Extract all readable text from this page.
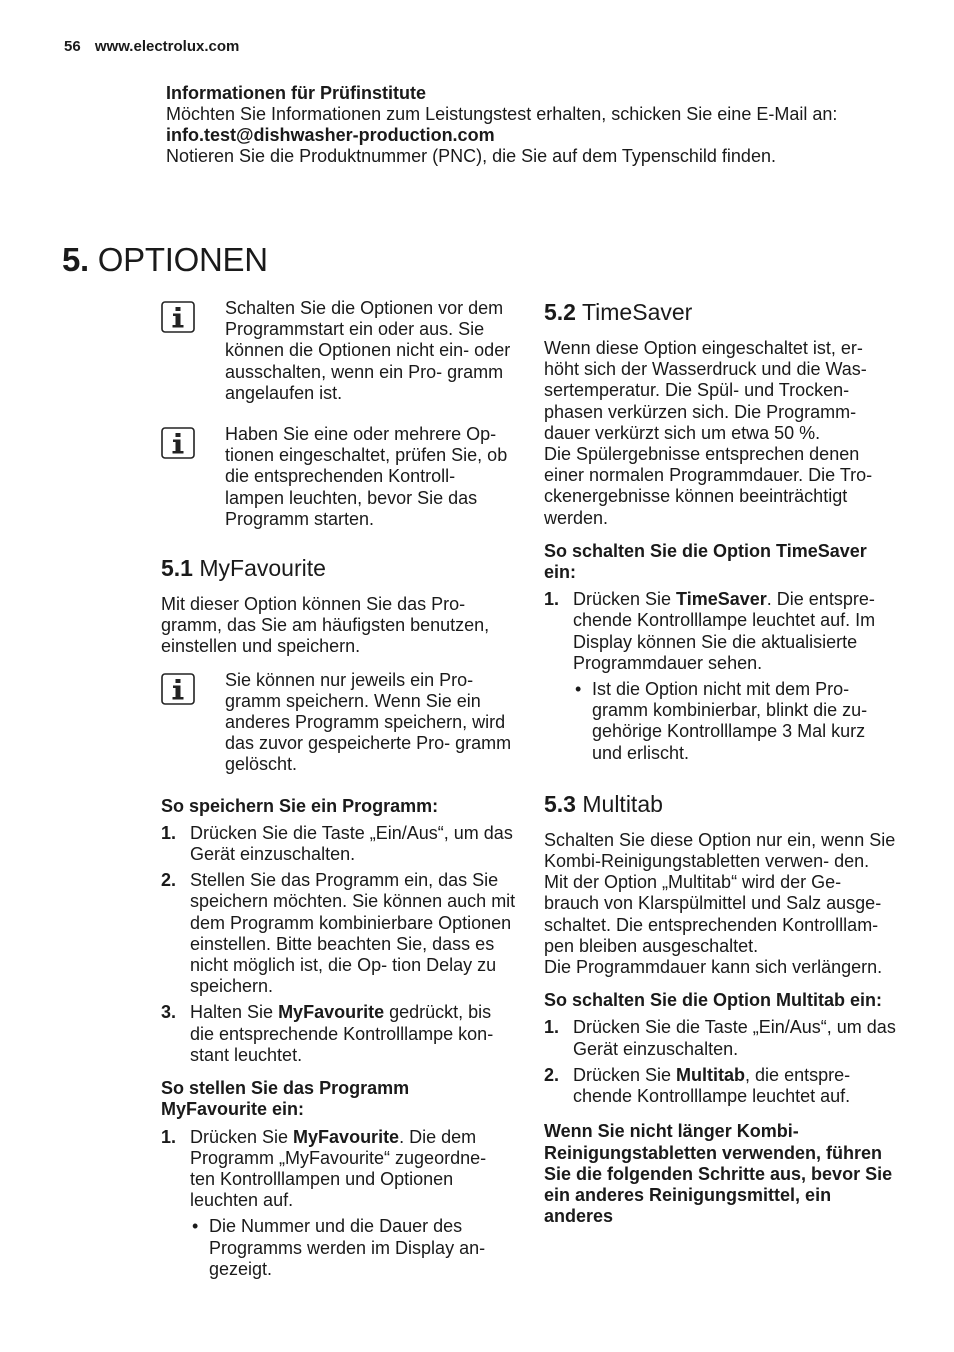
56 www.electrolux.com
Informationen für Prüfinstitute
Möchten Sie Informationen zum Leistungstest erhalten, schicken Sie eine E-Mail an:
info.test@dishwasher-production.com
Notieren Sie die Produktnummer (PNC), die Sie auf dem Typenschild finden.
5. OPTIONEN

Schalten Sie die Optionen vor dem Programmstart ein oder aus. Sie können die Optionen nicht ein- oder ausschalten, wenn ein Pro- gramm angelaufen ist.

Haben Sie eine oder mehrere Op- tionen eingeschaltet, prüfen Sie, ob die entsprechenden Kontroll- lampen leuchten, bevor Sie das Programm starten.

5.1 MyFavourite

Mit dieser Option können Sie das Pro- gramm, das Sie am häufigsten benutzen, einstellen und speichern.

Sie können nur jeweils ein Pro- gramm speichern. Wenn Sie ein anderes Programm speichern, wird das zuvor gespeicherte Pro- gramm gelöscht.

So speichern Sie ein Programm:
1. Drücken Sie die Taste „Ein/Aus“, um das Gerät einzuschalten.
2. Stellen Sie das Programm ein, das Sie speichern möchten. Sie können auch mit dem Programm kombinierbare Optionen einstellen. Bitte beachten Sie, dass es nicht möglich ist, die Op- tion Delay zu speichern.
3. Halten Sie MyFavourite gedrückt, bis die entsprechende Kontrolllampe kon- stant leuchtet.
So stellen Sie das Programm MyFavourite ein:
1. Drücken Sie MyFavourite. Die dem Programm „MyFavourite“ zugeordne- ten Kontrolllampen und Optionen leuchten auf.
• Die Nummer und die Dauer des Programms werden im Display an- gezeigt.
5.2 TimeSaver

Wenn diese Option eingeschaltet ist, er- höht sich der Wasserdruck und die Was- sertemperatur. Die Spül- und Trocken- phasen verkürzen sich. Die Programm- dauer verkürzt sich um etwa 50 %.

Die Spülergebnisse entsprechen denen einer normalen Programmdauer. Die Tro- ckenergebnisse können beeinträchtigt werden.

So schalten Sie die Option TimeSaver ein:
1. Drücken Sie TimeSaver. Die entspre- chende Kontrolllampe leuchtet auf. Im Display können Sie die aktualisierte Programmdauer sehen.
• Ist die Option nicht mit dem Pro- gramm kombinierbar, blinkt die zu- gehörige Kontrolllampe 3 Mal kurz und erlischt.
5.3 Multitab

Schalten Sie diese Option nur ein, wenn Sie Kombi-Reinigungstabletten verwen- den.

Mit der Option „Multitab“ wird der Ge- brauch von Klarspülmittel und Salz ausge- schaltet. Die entsprechenden Kontrolllam- pen bleiben ausgeschaltet.

Die Programmdauer kann sich verlängern.

So schalten Sie die Option Multitab ein:
1. Drücken Sie die Taste „Ein/Aus“, um das Gerät einzuschalten.
2. Drücken Sie Multitab, die entspre- chende Kontrolllampe leuchtet auf.

Wenn Sie nicht länger Kombi- Reinigungstabletten verwenden, führen Sie die folgenden Schritte aus, bevor Sie ein anderes Reinigungsmittel, ein anderes
